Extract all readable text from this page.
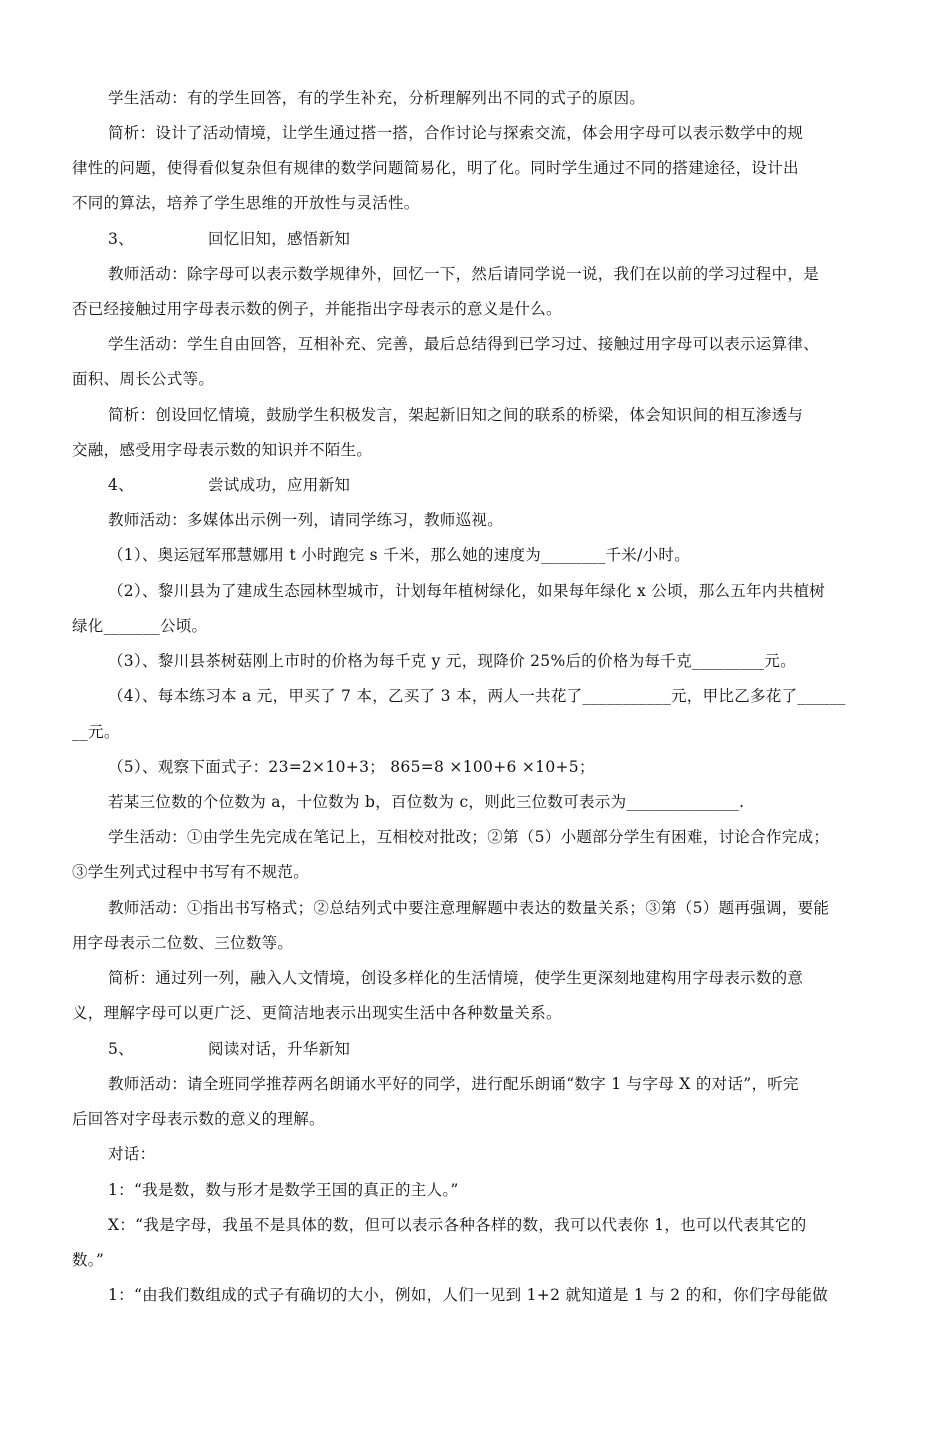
学生活动：有的学生回答，有的学生补充，分析理解列出不同的式子的原因。
简析：设计了活动情境，让学生通过搭一搭，合作讨论与探索交流，体会用字母可以表示数学中的规
律性的问题，使得看似复杂但有规律的数学问题简易化，明了化。同时学生通过不同的搭建途径，设计出
不同的算法，培养了学生思维的开放性与灵活性。
3、	回忆旧知，感悟新知
教师活动：除字母可以表示数学规律外，回忆一下，然后请同学说一说，我们在以前的学习过程中，是
否已经接触过用字母表示数的例子，并能指出字母表示的意义是什么。
学生活动：学生自由回答，互相补充、完善，最后总结得到已学习过、接触过用字母可以表示运算律、
面积、周长公式等。
简析：创设回忆情境，鼓励学生积极发言，架起新旧知之间的联系的桥梁，体会知识间的相互渗透与
交融，感受用字母表示数的知识并不陌生。
4、	尝试成功，应用新知
教师活动：多媒体出示例一列，请同学练习，教师巡视。
（1）、奥运冠军邢慧娜用 t 小时跑完 s 千米，那么她的速度为________千米/小时。
（2）、黎川县为了建成生态园林型城市，计划每年植树绿化，如果每年绿化 x 公顷，那么五年内共植树
绿化_______公顷。
（3）、黎川县茶树菇刚上市时的价格为每千克 y 元，现降价 25%后的价格为每千克_________元。
（4）、每本练习本 a 元，甲买了 7 本，乙买了 3 本，两人一共花了___________元，甲比乙多花了______
__元。
（5）、观察下面式子：23=2×10+3； 865=8 ×100+6 ×10+5；
若某三位数的个位数为 a，十位数为 b，百位数为 c，则此三位数可表示为______________.
学生活动：①由学生先完成在笔记上，互相校对批改；②第（5）小题部分学生有困难，讨论合作完成；
③学生列式过程中书写有不规范。
教师活动：①指出书写格式；②总结列式中要注意理解题中表达的数量关系；③第（5）题再强调，要能
用字母表示二位数、三位数等。
简析：通过列一列，融入人文情境，创设多样化的生活情境，使学生更深刻地建构用字母表示数的意
义，理解字母可以更广泛、更简洁地表示出现实生活中各种数量关系。
5、	阅读对话，升华新知
教师活动：请全班同学推荐两名朗诵水平好的同学，进行配乐朗诵“数字 1 与字母 X 的对话”，听完
后回答对字母表示数的意义的理解。
对话：
1：“我是数，数与形才是数学王国的真正的主人。”
X：“我是字母，我虽不是具体的数，但可以表示各种各样的数，我可以代表你 1，也可以代表其它的
数。”
1：“由我们数组成的式子有确切的大小，例如，人们一见到 1+2 就知道是 1 与 2 的和，你们字母能做
